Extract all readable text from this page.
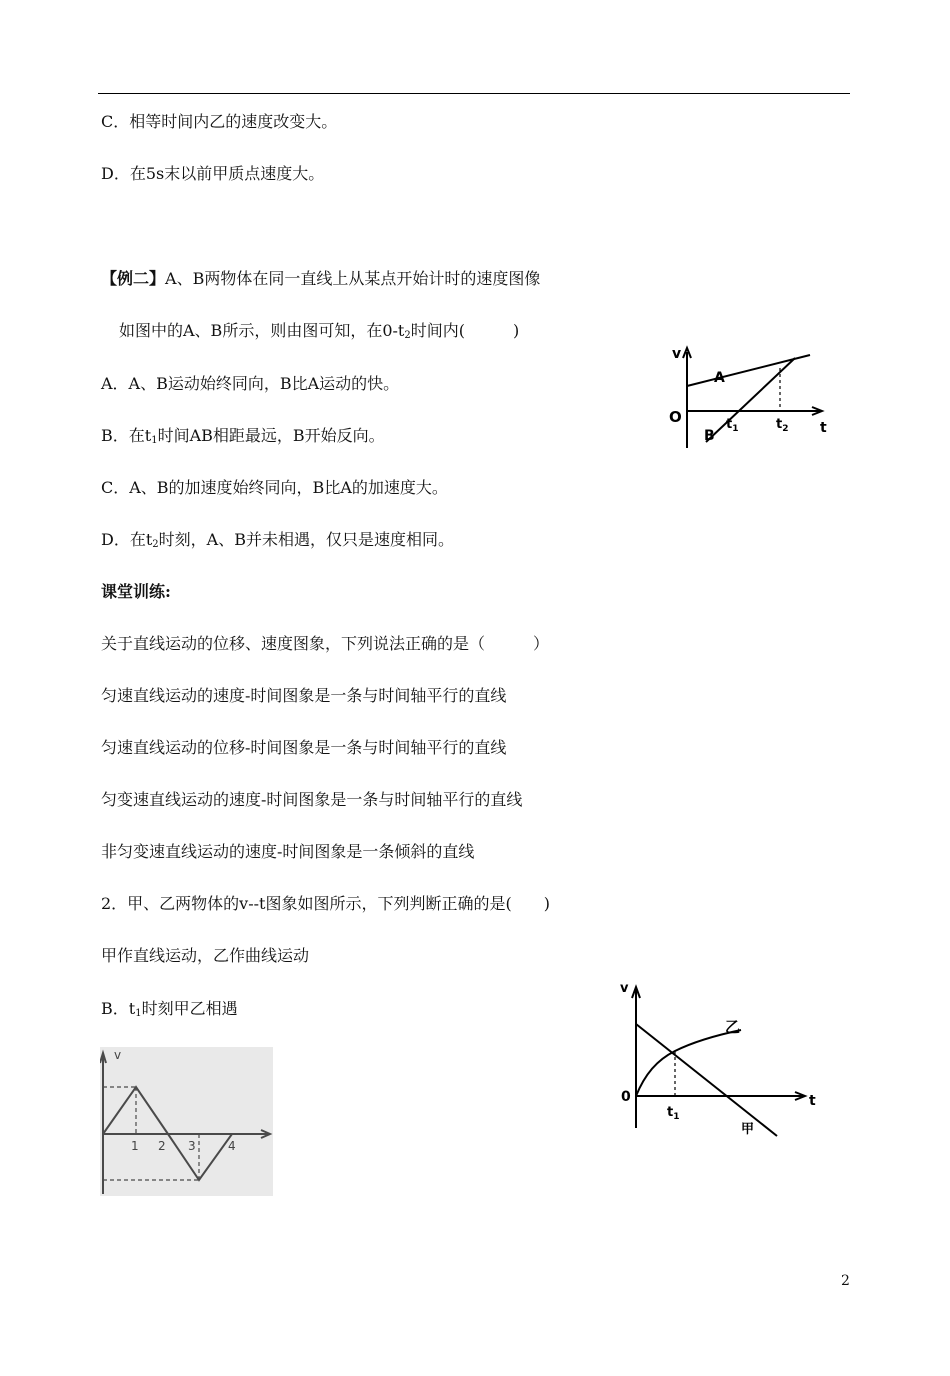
C．相等时间内乙的速度改变大。
D．在5s末以前甲质点速度大。
【例二】A、B两物体在同一直线上从某点开始计时的速度图像
如图中的A、B所示，则由图可知，在$0-t_2$时间内(　　　)
A．A、B运动始终同向，B比A运动的快。
B．在$t_1$时间AB相距最远，B开始反向。
C．A、B的加速度始终同向，B比A的加速度大。
D．在$t_2$时刻，A、B并未相遇，仅只是速度相同。
课堂训练:
关于直线运动的位移、速度图象，下列说法正确的是（　　　）
匀速直线运动的速度-时间图象是一条与时间轴平行的直线
匀速直线运动的位移-时间图象是一条与时间轴平行的直线
匀变速直线运动的速度-时间图象是一条与时间轴平行的直线
非匀变速直线运动的速度-时间图象是一条倾斜的直线
2．甲、乙两物体的v--t图象如图所示，下列判断正确的是(　　)
甲作直线运动，乙作曲线运动
B．$t_1$时刻甲乙相遇
v
O
t
A
B
$t_1$	$t_2$
v
0	t
$t_1$
乙
甲
v
1 2 3	4
2
